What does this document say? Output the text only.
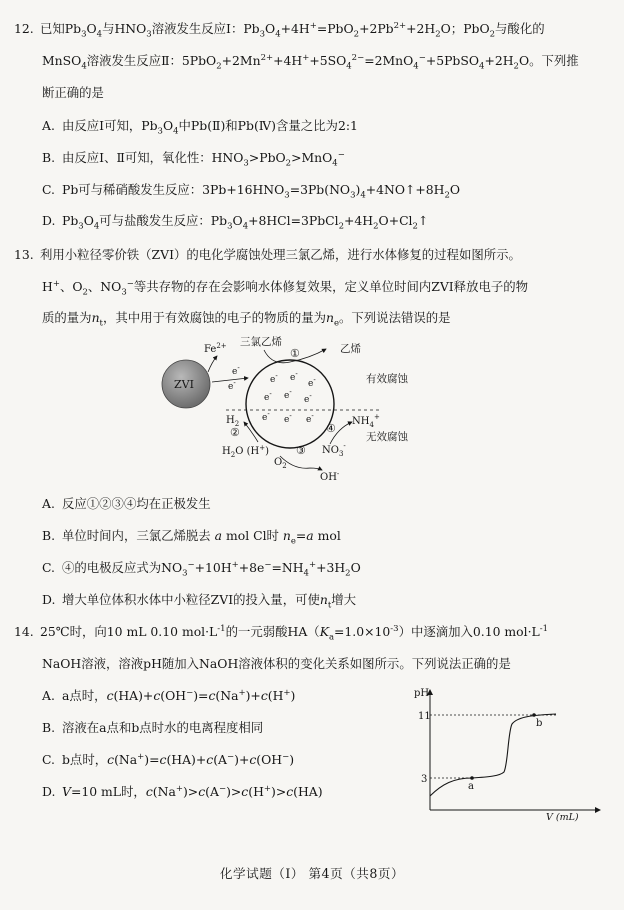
12. 已知$Pb_3O_4$与$HNO_3$溶液发生反应Ⅰ：$Pb_3O_4+4H^+=PbO_2+2Pb^{2+}+2H_2O$；PbO$_2$与酸化的
MnSO$_4$溶液发生反应Ⅱ：$5PbO_2+2Mn^{2+}+4H^++5SO_4^{2-}=2MnO_4^-+5PbSO_4+2H_2O$。下列推
断正确的是
A. 由反应Ⅰ可知，$Pb_3O_4$中Pb(Ⅱ)和Pb(Ⅳ)含量之比为2:1
B. 由反应Ⅰ、Ⅱ可知，氧化性：$HNO_3>PbO_2>MnO_4^-$
C. Pb可与稀硝酸发生反应：$3Pb+16HNO_3=3Pb(NO_3)_4+4NO↑+8H_2O$
D. $Pb_3O_4$可与盐酸发生反应：$Pb_3O_4+8HCl=3PbCl_2+4H_2O+Cl_2↑$
13. 利用小粒径零价铁（ZVI）的电化学腐蚀处理三氯乙烯，进行水体修复的过程如图所示。
H+、$O_2$、$NO_3^-$等共存物的存在会影响水体修复效果，定义单位时间内ZVI释放电子的物
质的量为$n_t$，其中用于有效腐蚀的电子的物质的量为$n_e$。下列说法错误的是
ZVI
$Fe^{2+}$
e-
e-	e- e-
e-
e- e-
e-
e-
e- e-
三氯乙烯
乙烯
①
有效腐蚀
无效腐蚀
$H_2$
②
$H_2O$ (H+)
$O_2$
③
OH-
$NO_3^-$
④
$NH_4^+$
A. 反应①②③④均在正极发生
B. 单位时间内，三氯乙烯脱去 a mol Cl时 $n_e=a$ mol
C. ④的电极反应式为$NO_3^-+10H^++8e^-=NH_4^++3H_2O$
D. 增大单位体积水体中小粒径ZVI的投入量，可使$n_t$增大
14. 25℃时，向10 mL 0.10 $mol\cdot L^{-1}$的一元弱酸$HA(K_a=1.0\times 10^{-3})$中逐滴加入0.10 $mol\cdot L^{-1}$
NaOH溶液，溶液pH随加入NaOH溶液体积的变化关系如图所示。下列说法正确的是
A. a点时，c(HA)+c(OH−)=c(Na+)+c(H+)
B. 溶液在a点和b点时水的电离程度相同
C. b点时，c(Na+)=c(HA)+c(A−)+c(OH−)
D. V=10 mL时，c(Na+)>c(A−)>c(H+)>c(HA)
pH
V (mL)
11
3
a
b
化学试题（Ⅰ） 第4页（共8页）
